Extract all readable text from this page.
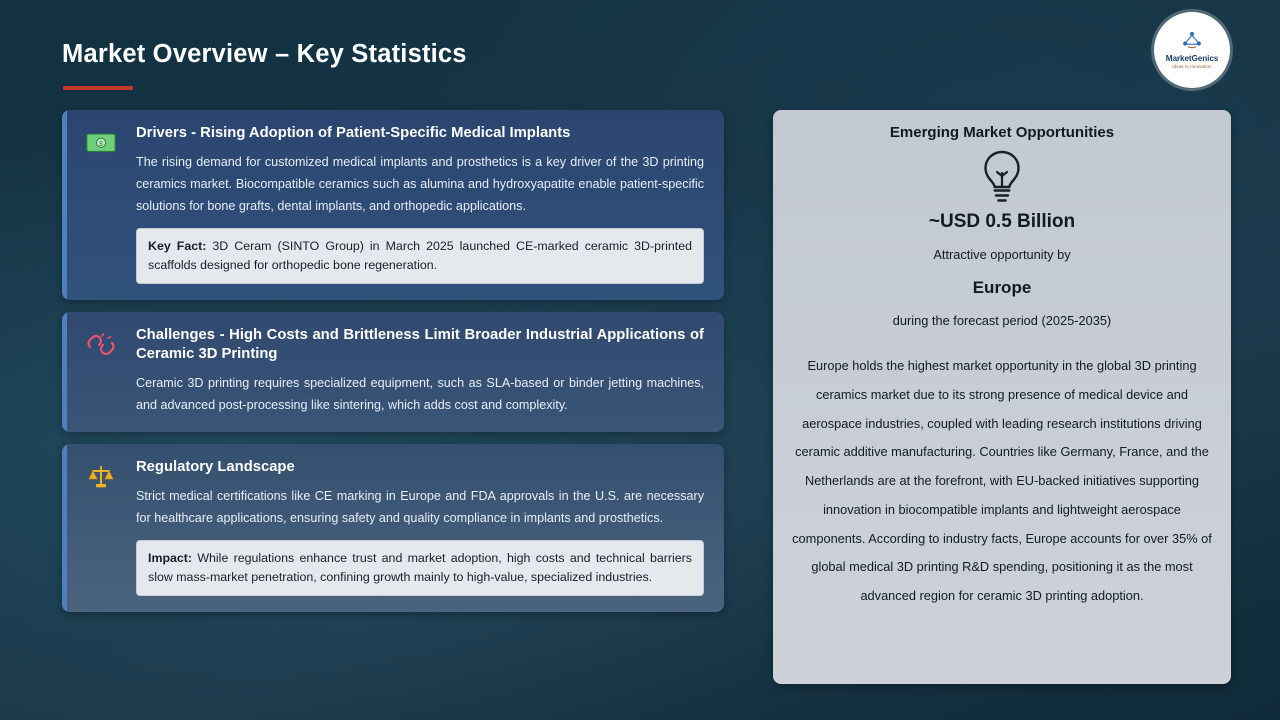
Market Overview – Key Statistics	MarketGenics
Ideas to Innovation
$
Drivers - Rising Adoption of Patient-Specific Medical Implants
The rising demand for customized medical implants and prosthetics is a key driver of the 3D printing ceramics market. Biocompatible ceramics such as alumina and hydroxyapatite enable patient-specific solutions for bone grafts, dental implants, and orthopedic applications.
Key Fact: 3D Ceram (SINTO Group) in March 2025 launched CE-marked ceramic 3D-printed scaffolds designed for orthopedic bone regeneration.
Challenges - High Costs and Brittleness Limit Broader Industrial Applications of Ceramic 3D Printing
Ceramic 3D printing requires specialized equipment, such as SLA-based or binder jetting machines, and advanced post-processing like sintering, which adds cost and complexity.
Regulatory Landscape
Strict medical certifications like CE marking in Europe and FDA approvals in the U.S. are necessary for healthcare applications, ensuring safety and quality compliance in implants and prosthetics.
Impact: While regulations enhance trust and market adoption, high costs and technical barriers slow mass-market penetration, confining growth mainly to high-value, specialized industries.
Emerging Market Opportunities
~USD 0.5 Billion
Attractive opportunity by
Europe
during the forecast period (2025-2035)
Europe holds the highest market opportunity in the global 3D printing ceramics market due to its strong presence of medical device and aerospace industries, coupled with leading research institutions driving ceramic additive manufacturing. Countries like Germany, France, and the Netherlands are at the forefront, with EU-backed initiatives supporting innovation in biocompatible implants and lightweight aerospace components. According to industry facts, Europe accounts for over 35% of global medical 3D printing R&D spending, positioning it as the most advanced region for ceramic 3D printing adoption.
